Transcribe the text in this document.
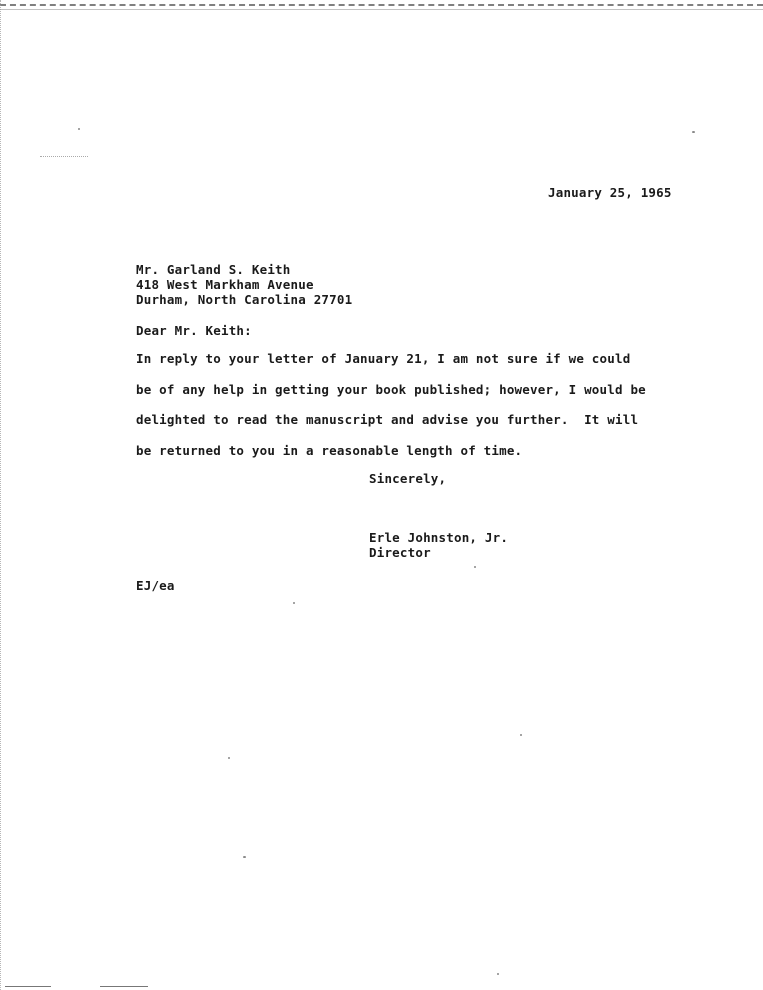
January 25, 1965
Mr. Garland S. Keith
418 West Markham Avenue
Durham, North Carolina 27701
Dear Mr. Keith:
In reply to your letter of January 21, I am not sure if we could
be of any help in getting your book published; however, I would be
delighted to read the manuscript and advise you further.  It will
be returned to you in a reasonable length of time.
Sincerely,
Erle Johnston, Jr.
Director
EJ/ea
